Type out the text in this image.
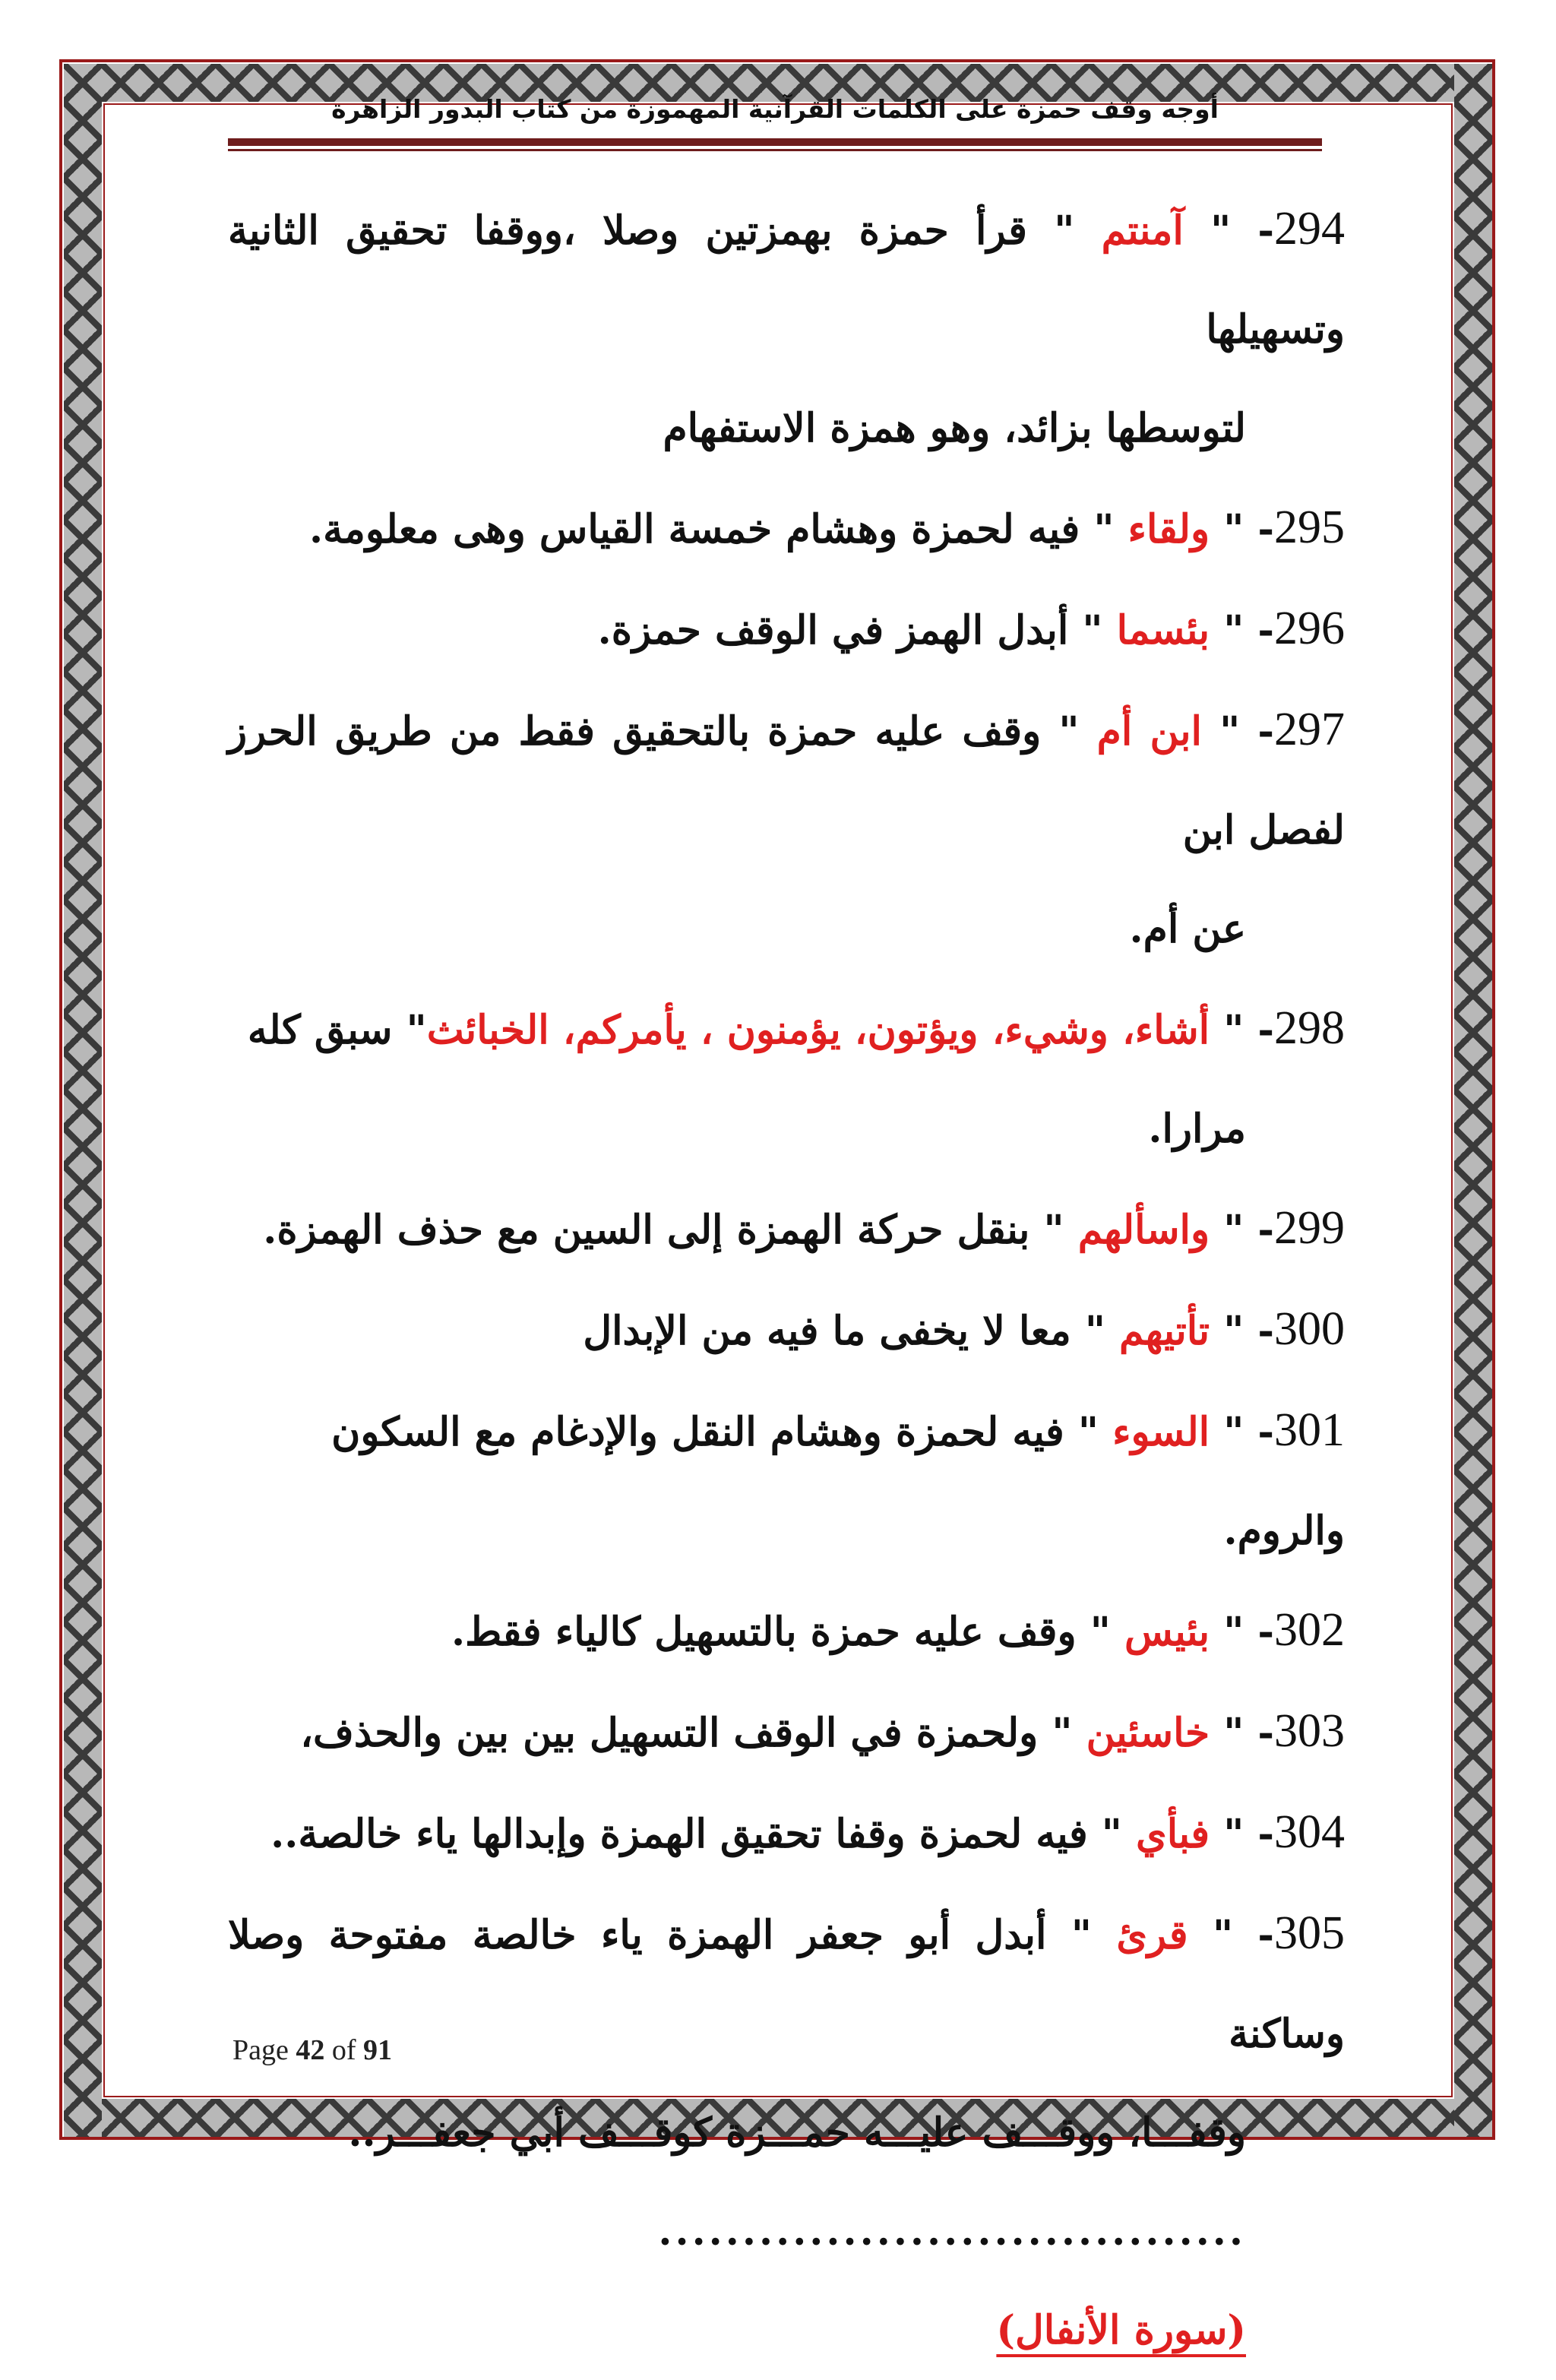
أوجه وقف حمزة على الكلمات القرآنية المهموزة من كتاب البدور الزاهرة
294- " آمنتم " قرأ حمزة بهمزتين وصلا ،ووقفا تحقيق الثانية وتسهيلها
لتوسطها بزائد، وهو همزة الاستفهام
295- " ولقاء " فيه لحمزة وهشام خمسة القياس وهى معلومة.
296- " بئسما " أبدل الهمز في الوقف حمزة.
297- " ابن أم " وقف عليه حمزة بالتحقيق فقط من طريق الحرز لفصل ابن
عن أم.
298- " أشاء، وشيء، ويؤتون، يؤمنون ، يأمركم، الخبائث" سبق كله
مرارا.
299- " واسألهم " بنقل حركة الهمزة إلى السين مع حذف الهمزة.
300- " تأتيهم " معا لا يخفى ما فيه من الإبدال
301- " السوء " فيه لحمزة وهشام النقل والإدغام مع السكون والروم.
302- " بئيس " وقف عليه حمزة بالتسهيل كالياء فقط.
303- " خاسئين " ولحمزة في الوقف التسهيل بين بين والحذف،
304- " فبأي " فيه لحمزة وقفا تحقيق الهمزة وإبدالها ياء خالصة..
305- " قرئ " أبدل أبو جعفر الهمزة ياء خالصة مفتوحة وصلا وساكنة
وقفـــا، ووقـــف عليـــه حمـــزة كوقـــف أبي جعفـــر..
...................................
(سورة الأنفال)
Page 42 of 91
